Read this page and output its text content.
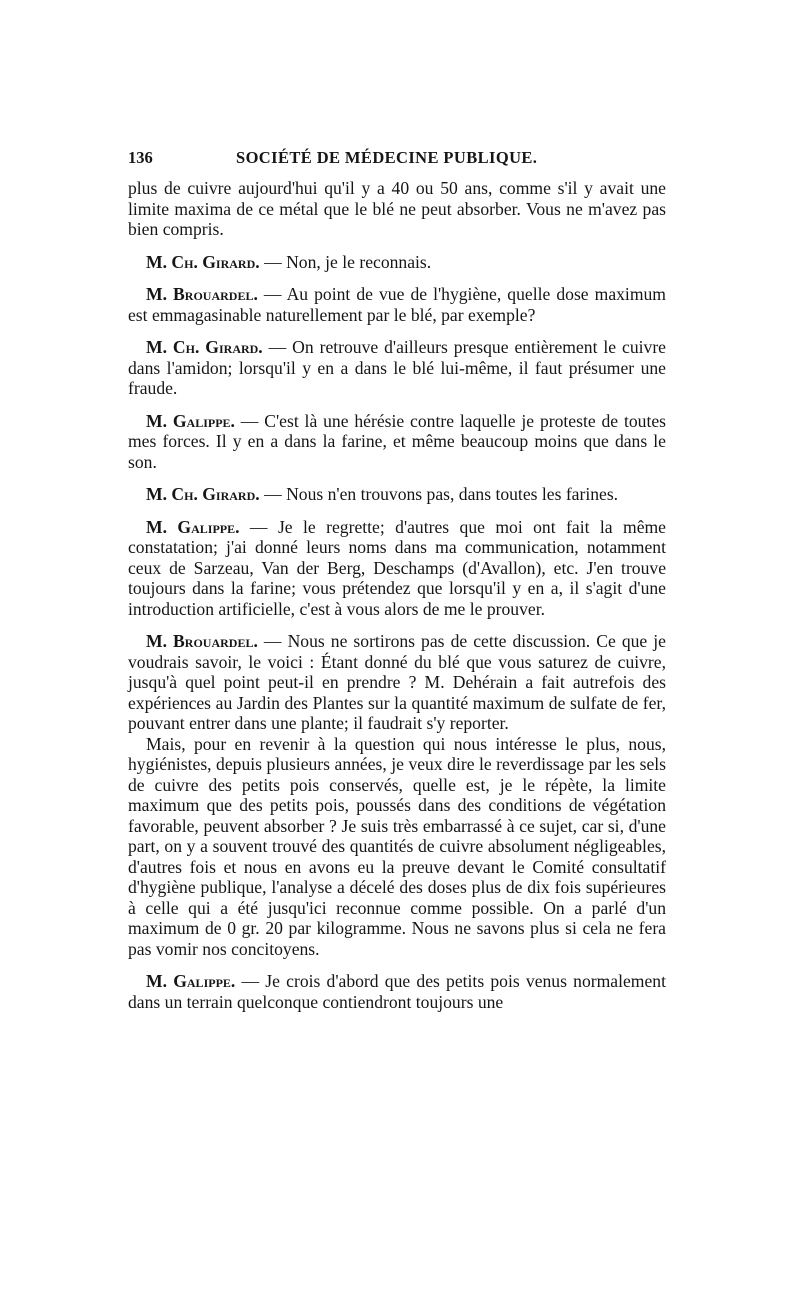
136	SOCIÉTÉ DE MÉDECINE PUBLIQUE.

plus de cuivre aujourd'hui qu'il y a 40 ou 50 ans, comme s'il y avait une limite maxima de ce métal que le blé ne peut absorber. Vous ne m'avez pas bien compris.

M. Ch. Girard. — Non, je le reconnais.

M. Brouardel. — Au point de vue de l'hygiène, quelle dose maximum est emmagasinable naturellement par le blé, par exemple?

M. Ch. Girard. — On retrouve d'ailleurs presque entièrement le cuivre dans l'amidon; lorsqu'il y en a dans le blé lui-même, il faut présumer une fraude.

M. Galippe. — C'est là une hérésie contre laquelle je proteste de toutes mes forces. Il y en a dans la farine, et même beaucoup moins que dans le son.

M. Ch. Girard. — Nous n'en trouvons pas, dans toutes les farines.

M. Galippe. — Je le regrette; d'autres que moi ont fait la même constatation; j'ai donné leurs noms dans ma communication, notamment ceux de Sarzeau, Van der Berg, Deschamps (d'Avallon), etc. J'en trouve toujours dans la farine; vous prétendez que lorsqu'il y en a, il s'agit d'une introduction artificielle, c'est à vous alors de me le prouver.

M. Brouardel. — Nous ne sortirons pas de cette discussion. Ce que je voudrais savoir, le voici : Étant donné du blé que vous saturez de cuivre, jusqu'à quel point peut-il en prendre ? M. Dehérain a fait autrefois des expériences au Jardin des Plantes sur la quantité maximum de sulfate de fer, pouvant entrer dans une plante; il faudrait s'y reporter.

Mais, pour en revenir à la question qui nous intéresse le plus, nous, hygiénistes, depuis plusieurs années, je veux dire le reverdissage par les sels de cuivre des petits pois conservés, quelle est, je le répète, la limite maximum que des petits pois, poussés dans des conditions de végétation favorable, peuvent absorber ? Je suis très embarrassé à ce sujet, car si, d'une part, on y a souvent trouvé des quantités de cuivre absolument négligeables, d'autres fois et nous en avons eu la preuve devant le Comité consultatif d'hygiène publique, l'analyse a décelé des doses plus de dix fois supérieures à celle qui a été jusqu'ici reconnue comme possible. On a parlé d'un maximum de 0 gr. 20 par kilogramme. Nous ne savons plus si cela ne fera pas vomir nos concitoyens.

M. Galippe. — Je crois d'abord que des petits pois venus normalement dans un terrain quelconque contiendront toujours une
